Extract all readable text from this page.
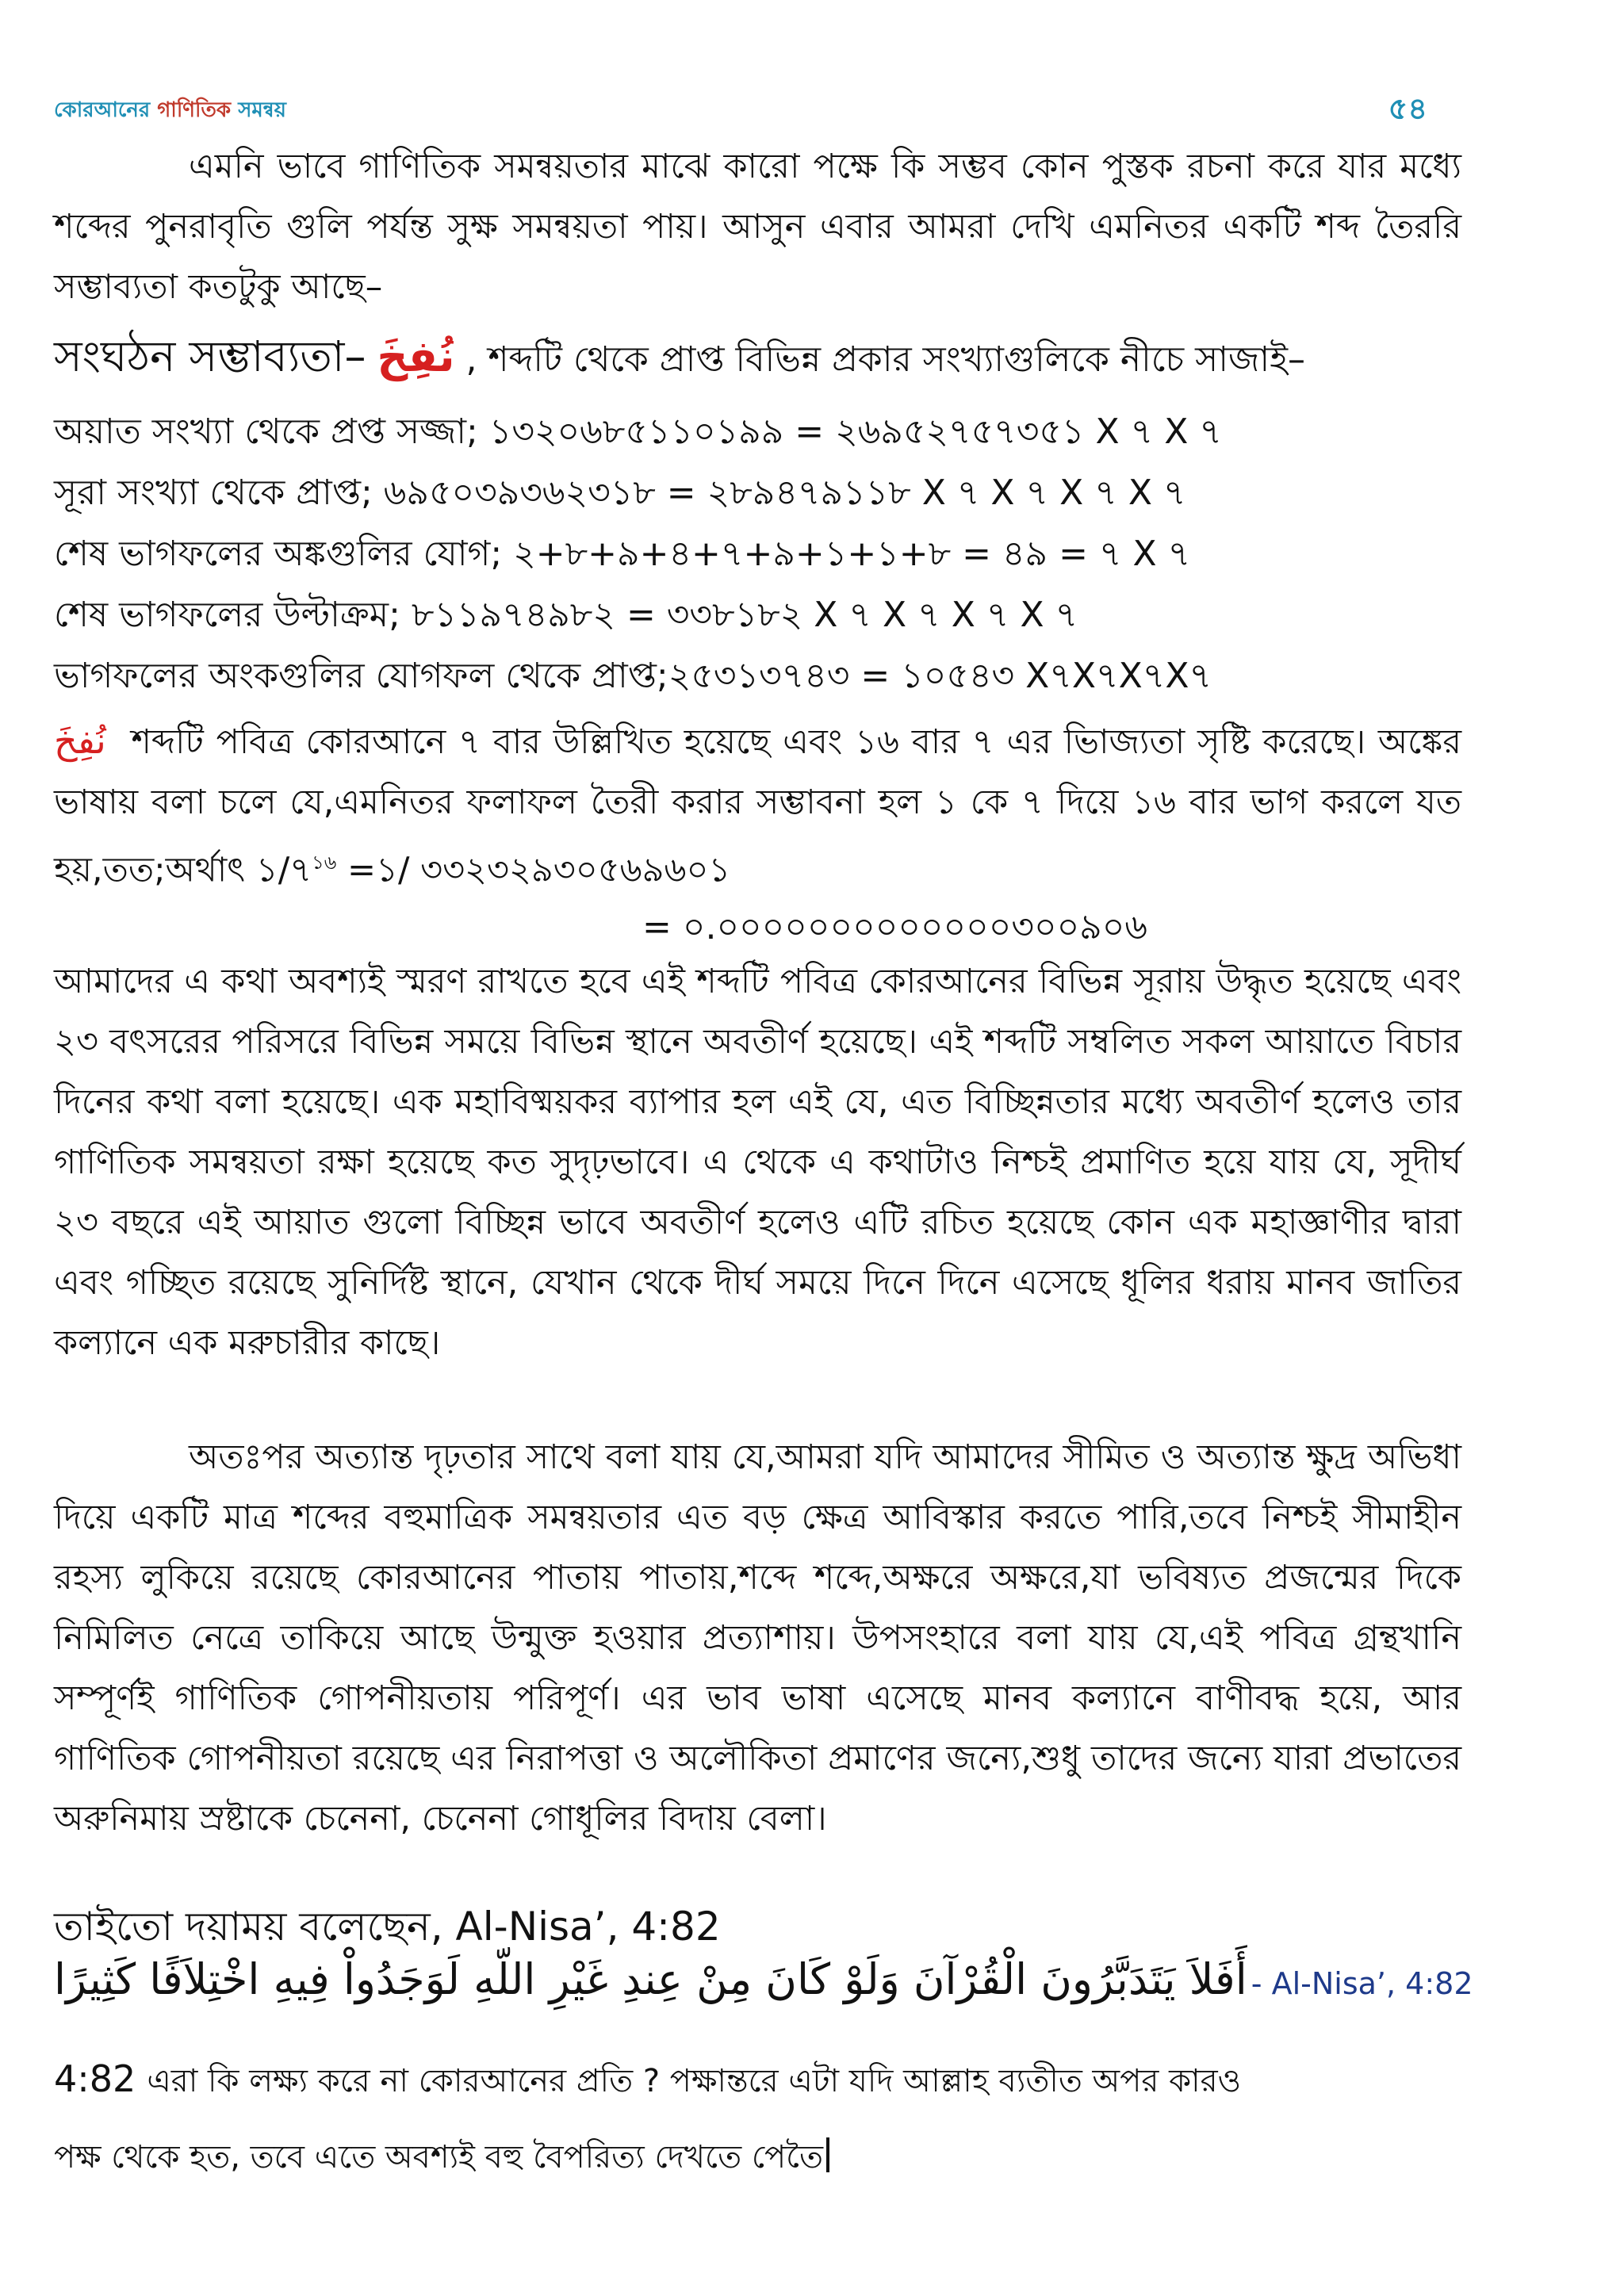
কোরআনের গাণিতিক সমন্বয়	৫৪

এমনি ভাবে গাণিতিক সমন্বয়তার মাঝে কারো পক্ষে কি সম্ভব কোন পুস্তক রচনা করে যার মধ্যে শব্দের পুনরাবৃতি গুলি পর্যন্ত সুক্ষ সমন্বয়তা পায়। আসুন এবার আমরা দেখি এমনিতর একটি শব্দ তৈররি সম্ভাব্যতা কতটুকু আছে–

সংঘঠন সম্ভাব্যতা– نُفِخَ , শব্দটি থেকে প্রাপ্ত বিভিন্ন প্রকার সংখ্যাগুলিকে নীচে সাজাই–
অয়াত সংখ্যা থেকে প্রপ্ত সজ্জা; ১৩২০৬৮৫১১০১৯৯ = ২৬৯৫২৭৫৭৩৫১ X ৭ X ৭
সূরা সংখ্যা থেকে প্রাপ্ত; ৬৯৫০৩৯৩৬২৩১৮ = ২৮৯৪৭৯১১৮ X ৭ X ৭ X ৭ X ৭
শেষ ভাগফলের অঙ্কগুলির যোগ; ২+৮+৯+৪+৭+৯+১+১+৮ = ৪৯ = ৭ X ৭
শেষ ভাগফলের উল্টাক্রম; ৮১১৯৭৪৯৮২ = ৩৩৮১৮২ X ৭ X ৭ X ৭ X ৭
ভাগফলের অংকগুলির যোগফল থেকে প্রাপ্ত;২৫৩১৩৭৪৩ = ১০৫৪৩ X৭X৭X৭X৭

نُفِخَ শব্দটি পবিত্র কোরআনে ৭ বার উল্লিখিত হয়েছে এবং ১৬ বার ৭ এর ভিাজ্যতা সৃষ্টি করেছে। অঙ্কের ভাষায় বলা চলে যে,এমনিতর ফলাফল তৈরী করার সম্ভাবনা হল ১ কে ৭ দিয়ে ১৬ বার ভাগ করলে যত হয়,তত;অর্থাৎ $১/৭^{১৬}$ =১/ ৩৩২৩২৯৩০৫৬৯৬০১

= ০.০০০০০০০০০০০০০৩০০৯০৬

আমাদের এ কথা অবশ্যই স্মরণ রাখতে হবে এই শব্দটি পবিত্র কোরআনের বিভিন্ন সূরায় উদ্ধৃত হয়েছে এবং ২৩ বৎসরের পরিসরে বিভিন্ন সময়ে বিভিন্ন স্থানে অবতীর্ণ হয়েছে। এই শব্দটি সম্বলিত সকল আয়াতে বিচার দিনের কথা বলা হয়েছে। এক মহাবিষ্ময়কর ব্যাপার হল এই যে, এত বিচ্ছিন্নতার মধ্যে অবতীর্ণ হলেও তার গাণিতিক সমন্বয়তা রক্ষা হয়েছে কত সুদৃঢ়ভাবে। এ থেকে এ কথাটাও নিশ্চই প্রমাণিত হয়ে যায় যে, সূদীর্ঘ ২৩ বছরে এই আয়াত গুলো বিচ্ছিন্ন ভাবে অবতীর্ণ হলেও এটি রচিত হয়েছে কোন এক মহাজ্ঞাণীর দ্বারা এবং গচ্ছিত রয়েছে সুনির্দিষ্ট স্থানে, যেখান থেকে দীর্ঘ সময়ে দিনে দিনে এসেছে ধূলির ধরায় মানব জাতির কল্যানে এক মরুচারীর কাছে।

অতঃপর অত্যান্ত দৃঢ়তার সাথে বলা যায় যে,আমরা যদি আমাদের সীমিত ও অত্যান্ত ক্ষুদ্র অভিধা দিয়ে একটি মাত্র শব্দের বহুমাত্রিক সমন্বয়তার এত বড় ক্ষেত্র আবিস্কার করতে পারি,তবে নিশ্চই সীমাহীন রহস্য লুকিয়ে রয়েছে কোরআনের পাতায় পাতায়,শব্দে শব্দে,অক্ষরে অক্ষরে,যা ভবিষ্যত প্রজন্মের দিকে নিমিলিত নেত্রে তাকিয়ে আছে উন্মুক্ত হওয়ার প্রত্যাশায়। উপসংহারে বলা যায় যে,এই পবিত্র গ্রন্থখানি সম্পূর্ণই গাণিতিক গোপনীয়তায় পরিপূর্ণ। এর ভাব ভাষা এসেছে মানব কল্যানে বাণীবদ্ধ হয়ে, আর গাণিতিক গোপনীয়তা রয়েছে এর নিরাপত্তা ও অলৌকিতা প্রমাণের জন্যে,শুধু তাদের জন্যে যারা প্রভাতের অরুনিমায় স্রষ্টাকে চেনেনা, চেনেনা গোধূলির বিদায় বেলা।

তাইতো দয়াময় বলেছেন, Al-Nisa’, 4:82
أَفَلاَ يَتَدَبَّرُونَ الْقُرْآنَ وَلَوْ كَانَ مِنْ عِندِ غَيْرِ اللّهِ لَوَجَدُواْ فِيهِ اخْتِلاَفًا كَثِيرًا - Al-Nisa’, 4:82
4:82 এরা কি লক্ষ্য করে না কোরআনের প্রতি ? পক্ষান্তরে এটা যদি আল্লাহ ব্যতীত অপর কারও
পক্ষ থেকে হত, তবে এতে অবশ্যই বহু বৈপরিত্য দেখতে পেতৈ
